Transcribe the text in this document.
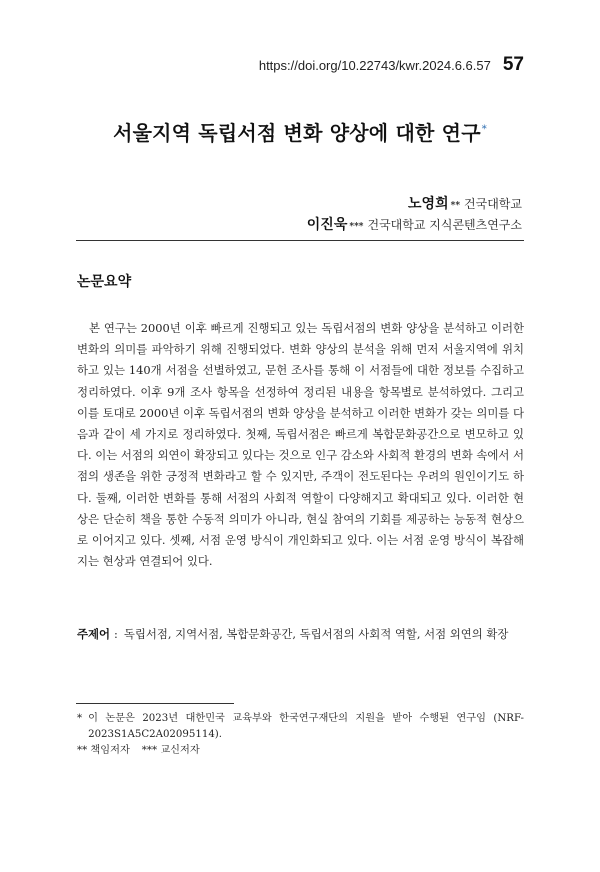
https://doi.org/10.22743/kwr.2024.6.6.57 57
서울지역 독립서점 변화 양상에 대한 연구*
노영희 ** 건국대학교
이진욱 *** 건국대학교 지식콘텐츠연구소
논문요약

본 연구는 2000년 이후 빠르게 진행되고 있는 독립서점의 변화 양상을 분석하고 이러한 변화의 의미를 파악하기 위해 진행되었다. 변화 양상의 분석을 위해 먼저 서울지역에 위치하고 있는 140개 서점을 선별하였고, 문헌 조사를 통해 이 서점들에 대한 정보를 수집하고 정리하였다. 이후 9개 조사 항목을 선정하여 정리된 내용을 항목별로 분석하였다. 그리고 이를 토대로 2000년 이후 독립서점의 변화 양상을 분석하고 이러한 변화가 갖는 의미를 다음과 같이 세 가지로 정리하였다. 첫째, 독립서점은 빠르게 복합문화공간으로 변모하고 있다. 이는 서점의 외연이 확장되고 있다는 것으로 인구 감소와 사회적 환경의 변화 속에서 서점의 생존을 위한 긍정적 변화라고 할 수 있지만, 주객이 전도된다는 우려의 원인이기도 하다. 둘째, 이러한 변화를 통해 서점의 사회적 역할이 다양해지고 확대되고 있다. 이러한 현상은 단순히 책을 통한 수동적 의미가 아니라, 현실 참여의 기회를 제공하는 능동적 현상으로 이어지고 있다. 셋째, 서점 운영 방식이 개인화되고 있다. 이는 서점 운영 방식이 복잡해지는 현상과 연결되어 있다.

주제어 : 독립서점, 지역서점, 복합문화공간, 독립서점의 사회적 역할, 서점 외연의 확장
* 이 논문은 2023년 대한민국 교육부와 한국연구재단의 지원을 받아 수행된 연구임 (NRF-2023S1A5C2A02095114).
** 책임저자 *** 교신저자
